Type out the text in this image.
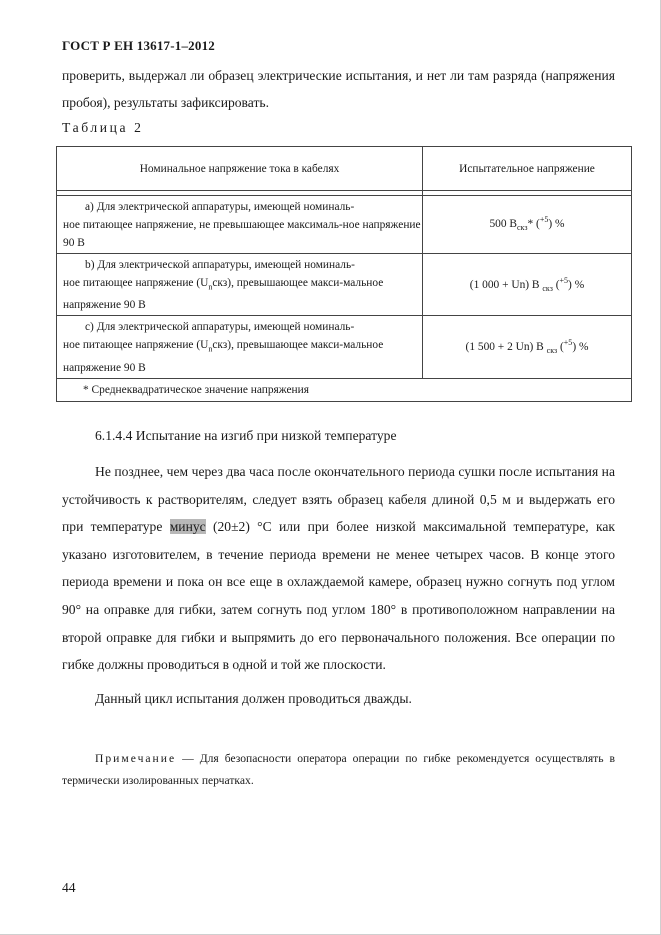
ГОСТ Р ЕН 13617-1–2012
проверить, выдержал ли образец электрические испытания, и нет ли там разряда (напряжения пробоя), результаты зафиксировать.
Таблица 2
Номинальное напряжение тока в кабелях	Испытательное напряжение

а) Для электрической аппаратуры, имеющей номиналь-
ное питающее напряжение, не превышающее максималь-ное напряжение 90 В	500 $В_{скз}*$ ($^{+5}$) %

b) Для электрической аппаратуры, имеющей номиналь-
ное питающее напряжение $(U_nскз)$, превышающее макси-мальное напряжение 90 В	(1 000 + Un) В $_{скз}$ ($^{+5}$) %

c) Для электрической аппаратуры, имеющей номиналь-
ное питающее напряжение $(U_nскз)$, превышающее макси-мальное напряжение 90 В	(1 500 + 2 Un) В $_{скз}$ ($^{+5}$) %
* Среднеквадратическое значение напряжения	
6.1.4.4 Испытание на изгиб при низкой температуре

Не позднее, чем через два часа после окончательного периода сушки после испытания на устойчивость к растворителям, следует взять образец кабеля длиной 0,5 м и выдержать его при температуре минус (20±2) °С или при более низкой максимальной температуре, как указано изготовителем, в течение периода времени не менее четырех часов. В конце этого периода времени и пока он все еще в охлаждаемой камере, образец нужно согнуть под углом 90° на оправке для гибки, затем согнуть под углом 180° в противоположном направлении на второй оправке для гибки и выпрямить до его первоначального положения. Все операции по гибке должны проводиться в одной и той же плоскости.

Данный цикл испытания должен проводиться дважды.

Примечание — Для безопасности оператора операции по гибке рекомендуется осуществлять в термически изолированных перчатках.
44
